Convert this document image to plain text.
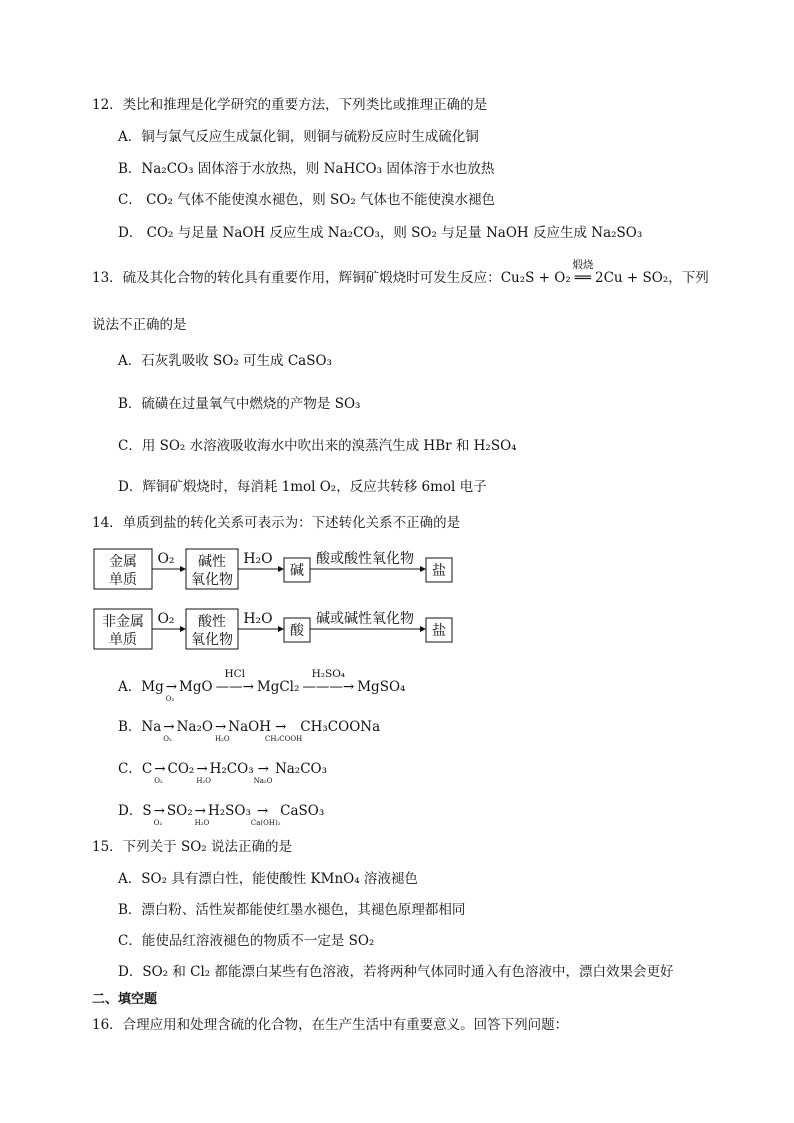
12．类比和推理是化学研究的重要方法，下列类比或推理正确的是
A．铜与氯气反应生成氯化铜，则铜与硫粉反应时生成硫化铜
B．Na₂CO₃ 固体溶于水放热，则 NaHCO₃ 固体溶于水也放热
C． CO₂ 气体不能使溴水褪色，则 SO₂ 气体也不能使溴水褪色
D． CO₂ 与足量 NaOH 反应生成 Na₂CO₃，则 SO₂ 与足量 NaOH 反应生成 Na₂SO₃
13．硫及其化合物的转化具有重要作用，辉铜矿煅烧时可发生反应：Cu₂S + O₂
煅烧
══ 2Cu + SO₂，下列
说法不正确的是
A．石灰乳吸收 SO₂ 可生成 CaSO₃
B．硫磺在过量氧气中燃烧的产物是 SO₃
C．用 SO₂ 水溶液吸收海水中吹出来的溴蒸汽生成 HBr 和 H₂SO₄
D．辉铜矿煅烧时，每消耗 1mol O₂，反应共转移 6mol 电子
14．单质到盐的转化关系可表示为：下述转化关系不正确的是
金属
单质
O₂ 碱性
氧化物
H₂O
碱
酸或酸性氧化物
盐
非金属
单质
O₂ 酸性
氧化物
H₂O
酸
碱或碱性氧化物
盐
A．Mg →
O₂
MgO
HCl
——→ MgCl₂
H₂SO₄
———→ MgSO₄
B．Na →
O₂
Na₂O →
H₂O
NaOH →
CH₃COOH
CH₃COONa
C．C →
O₂
CO₂ →
H₂O
H₂CO₃ →
Na₂O
Na₂CO₃
D．S →
O₂
SO₂ →
H₂O
H₂SO₃ →
Ca(OH)₂
CaSO₃
15．下列关于 SO₂ 说法正确的是
A．SO₂ 具有漂白性，能使酸性 KMnO₄ 溶液褪色
B．漂白粉、活性炭都能使红墨水褪色，其褪色原理都相同
C．能使品红溶液褪色的物质不一定是 SO₂
D．SO₂ 和 Cl₂ 都能漂白某些有色溶液，若将两种气体同时通入有色溶液中，漂白效果会更好
二、填空题
16．合理应用和处理含硫的化合物，在生产生活中有重要意义。回答下列问题：
